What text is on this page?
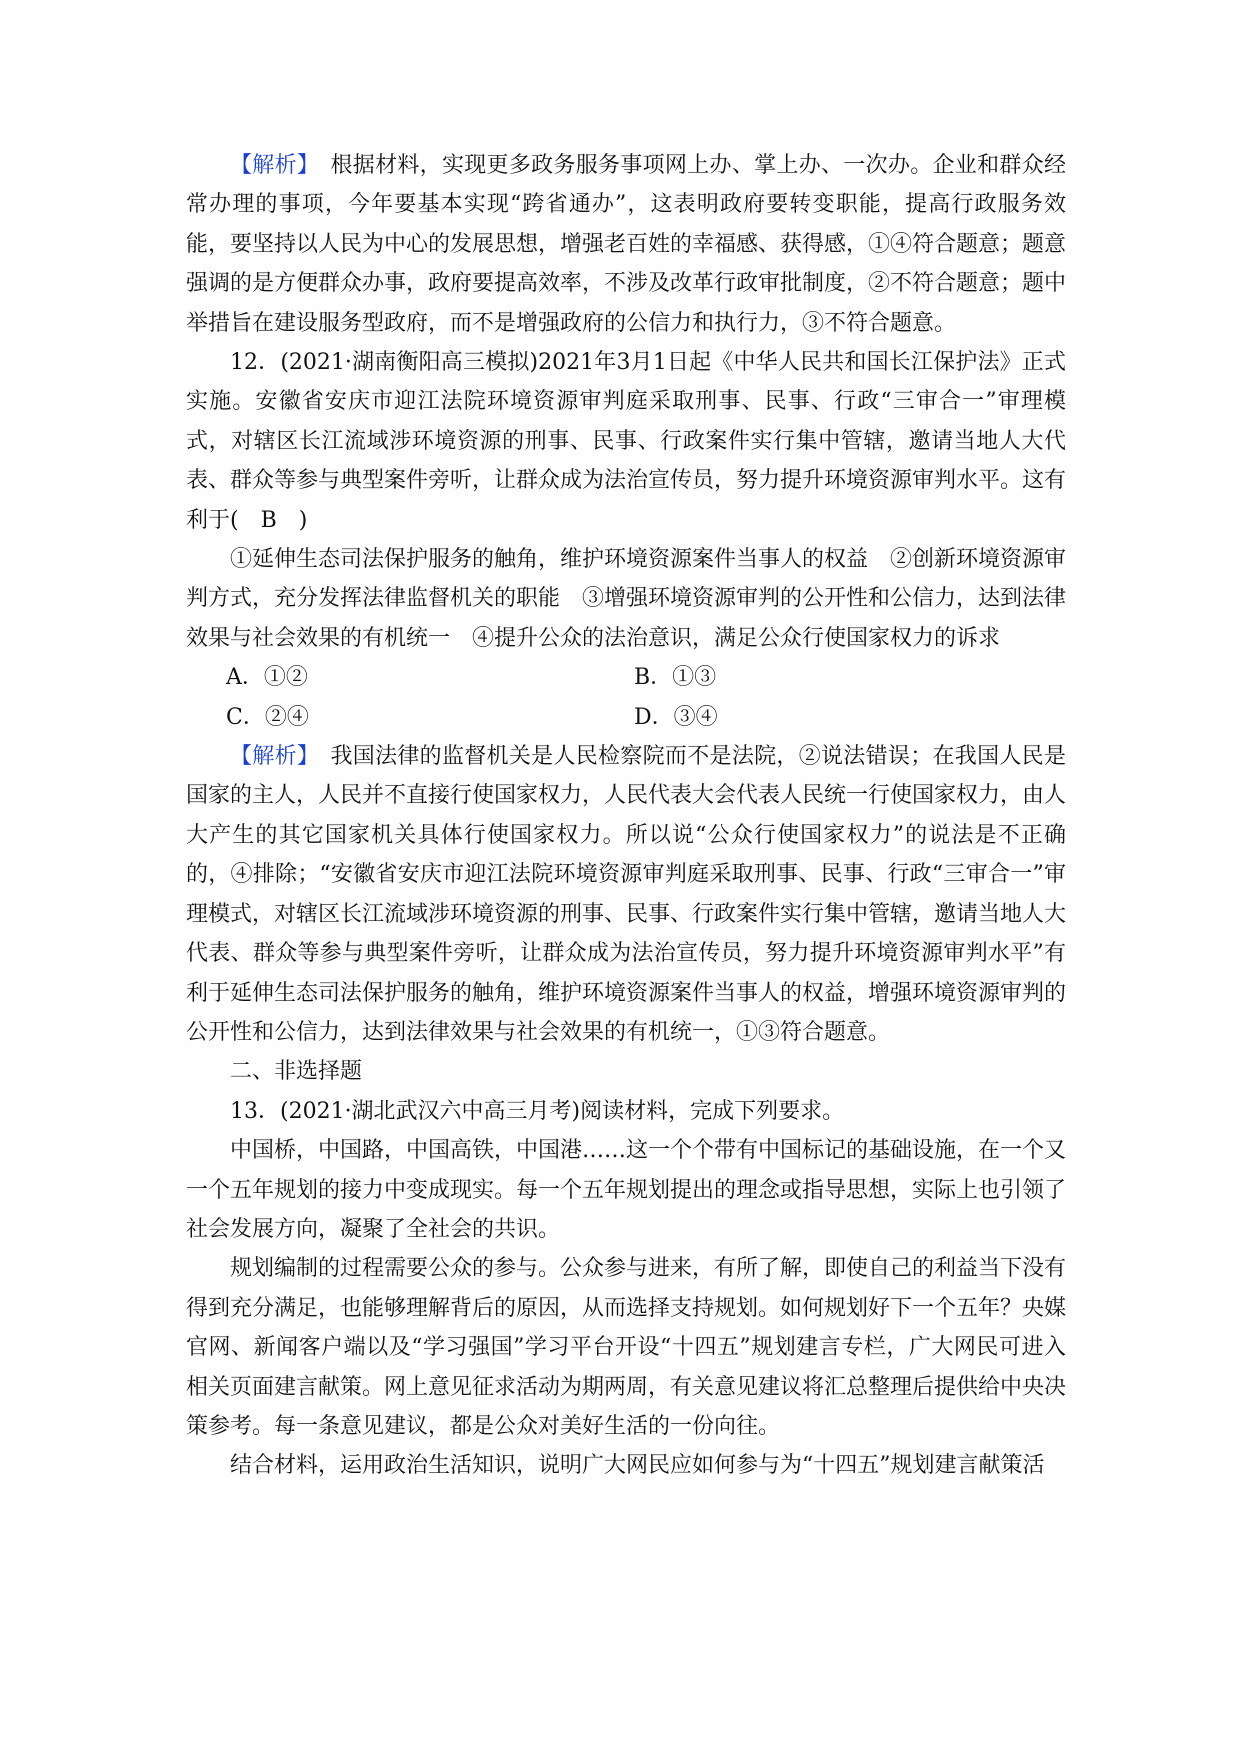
【解析】　根据材料，实现更多政务服务事项网上办、掌上办、一次办。企业和群众经常办理的事项，今年要基本实现“跨省通办”，这表明政府要转变职能，提高行政服务效能，要坚持以人民为中心的发展思想，增强老百姓的幸福感、获得感，①④符合题意；题意强调的是方便群众办事，政府要提高效率，不涉及改革行政审批制度，②不符合题意；题中举措旨在建设服务型政府，而不是增强政府的公信力和执行力，③不符合题意。

12．(2021·湖南衡阳高三模拟)2021年3月1日起《中华人民共和国长江保护法》正式实施。安徽省安庆市迎江法院环境资源审判庭采取刑事、民事、行政“三审合一”审理模式，对辖区长江流域涉环境资源的刑事、民事、行政案件实行集中管辖，邀请当地人大代表、群众等参与典型案件旁听，让群众成为法治宣传员，努力提升环境资源审判水平。这有利于(　B　)

①延伸生态司法保护服务的触角，维护环境资源案件当事人的权益　②创新环境资源审判方式，充分发挥法律监督机关的职能　③增强环境资源审判的公开性和公信力，达到法律效果与社会效果的有机统一　④提升公众的法治意识，满足公众行使国家权力的诉求

A．①②	B．①③
C．②④	D．③④

【解析】　我国法律的监督机关是人民检察院而不是法院，②说法错误；在我国人民是国家的主人，人民并不直接行使国家权力，人民代表大会代表人民统一行使国家权力，由人大产生的其它国家机关具体行使国家权力。所以说“公众行使国家权力”的说法是不正确的，④排除；“安徽省安庆市迎江法院环境资源审判庭采取刑事、民事、行政“三审合一”审理模式，对辖区长江流域涉环境资源的刑事、民事、行政案件实行集中管辖，邀请当地人大代表、群众等参与典型案件旁听，让群众成为法治宣传员，努力提升环境资源审判水平”有利于延伸生态司法保护服务的触角，维护环境资源案件当事人的权益，增强环境资源审判的公开性和公信力，达到法律效果与社会效果的有机统一，①③符合题意。

二、非选择题

13．(2021·湖北武汉六中高三月考)阅读材料，完成下列要求。

中国桥，中国路，中国高铁，中国港……这一个个带有中国标记的基础设施，在一个又一个五年规划的接力中变成现实。每一个五年规划提出的理念或指导思想，实际上也引领了社会发展方向，凝聚了全社会的共识。

规划编制的过程需要公众的参与。公众参与进来，有所了解，即使自己的利益当下没有得到充分满足，也能够理解背后的原因，从而选择支持规划。如何规划好下一个五年？央媒官网、新闻客户端以及“学习强国”学习平台开设“十四五”规划建言专栏，广大网民可进入相关页面建言献策。网上意见征求活动为期两周，有关意见建议将汇总整理后提供给中央决策参考。每一条意见建议，都是公众对美好生活的一份向往。

结合材料，运用政治生活知识，说明广大网民应如何参与为“十四五”规划建言献策活
